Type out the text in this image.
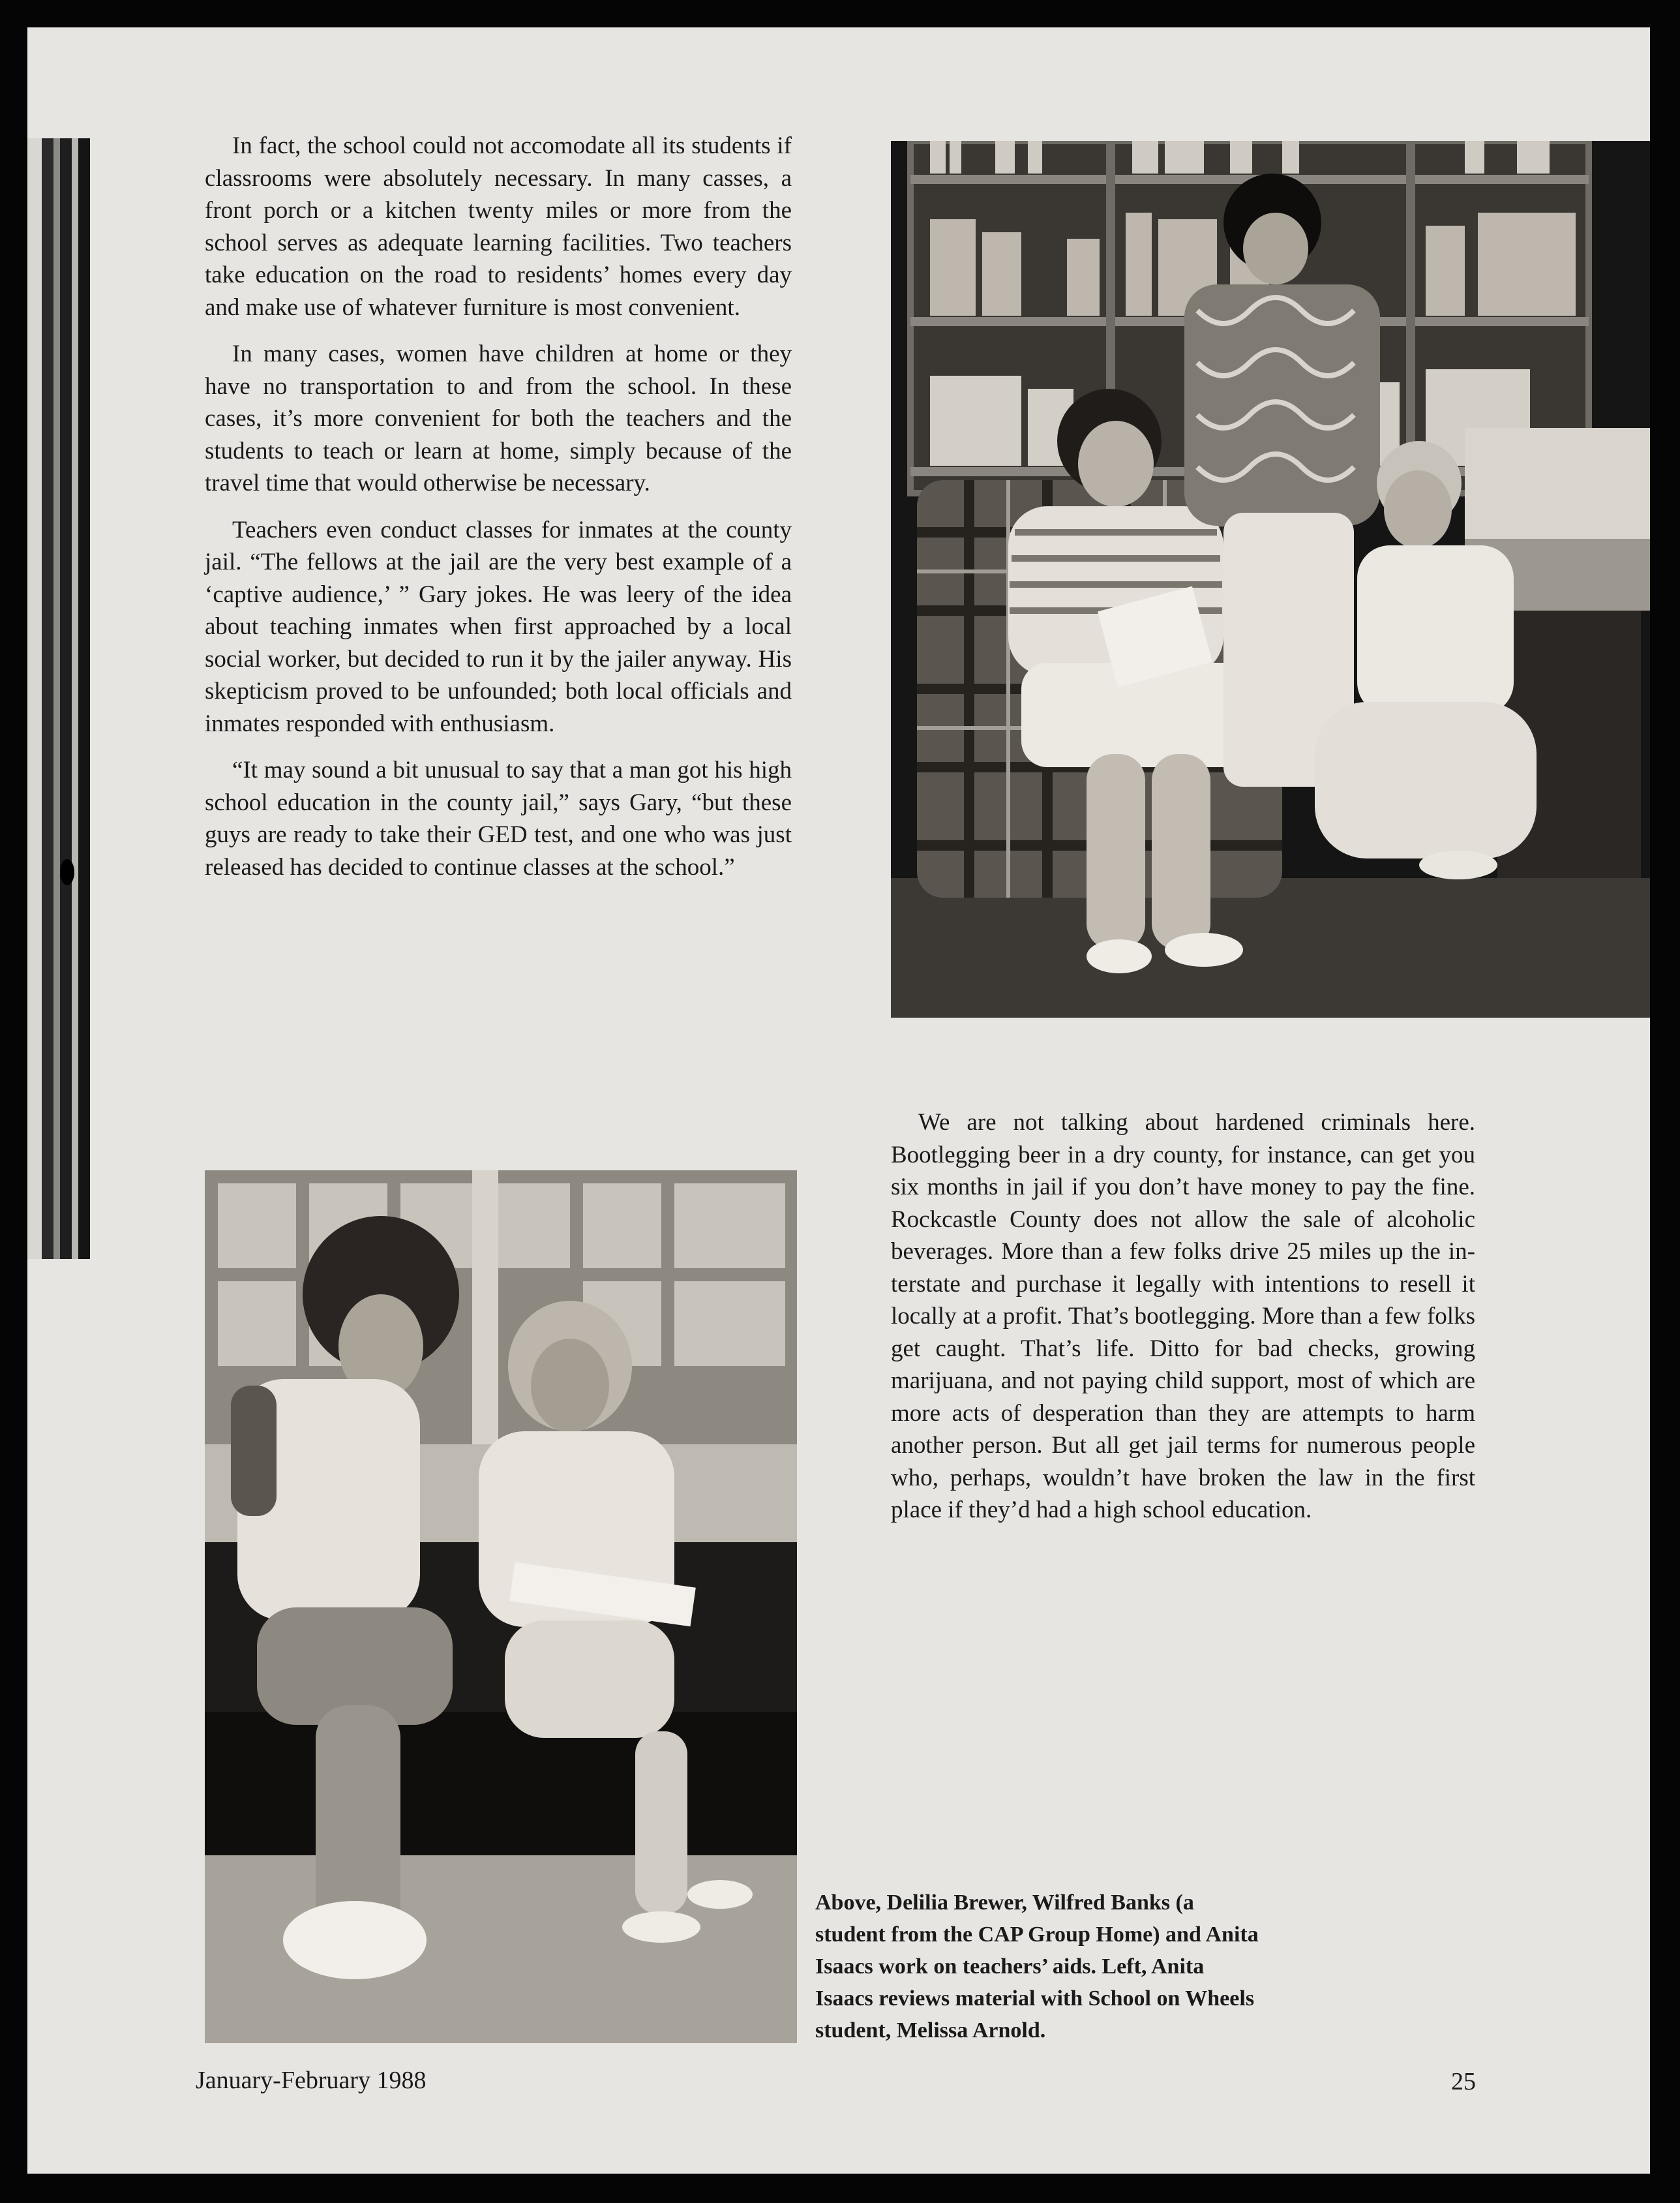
In fact, the school could not accomodate all its students if classrooms were absolutely necessary. In many casses, a front porch or a kitchen twenty miles or more from the school serves as adequate learning facilities. Two teachers take education on the road to residents’ homes every day and make use of whatever furniture is most convenient.

In many cases, women have children at home or they have no transportation to and from the school. In these cases, it’s more convenient for both the teachers and the students to teach or learn at home, simply because of the travel time that would otherwise be necessary.

Teachers even conduct classes for inmates at the county jail. “The fellows at the jail are the very best example of a ‘captive audience,’ ” Gary jokes. He was leery of the idea about teaching inmates when first approached by a local social worker, but decided to run it by the jailer anyway. His skepticism proved to be unfounded; both local officials and inmates responded with enthusiasm.

“It may sound a bit unusual to say that a man got his high school education in the county jail,” says Gary, “but these guys are ready to take their GED test, and one who was just released has decided to continue classes at the school.”

We are not talking about hardened criminals here. Bootlegging beer in a dry county, for instance, can get you six months in jail if you don’t have money to pay the fine. Rockcastle County does not allow the sale of alcoholic beverages. More than a few folks drive 25 miles up the interstate and purchase it legally with intentions to resell it locally at a profit. That’s bootlegging. More than a few folks get caught. That’s life. Ditto for bad checks, growing marijuana, and not paying child support, most of which are more acts of desperation than they are attempts to harm another person. But all get jail terms for numerous people who, perhaps, wouldn’t have broken the law in the first place if they’d had a high school education.

Above, Delilia Brewer, Wilfred Banks (a
student from the CAP Group Home) and Anita
Isaacs work on teachers’ aids. Left, Anita
Isaacs reviews material with School on Wheels
student, Melissa Arnold.
January-February 1988	25
